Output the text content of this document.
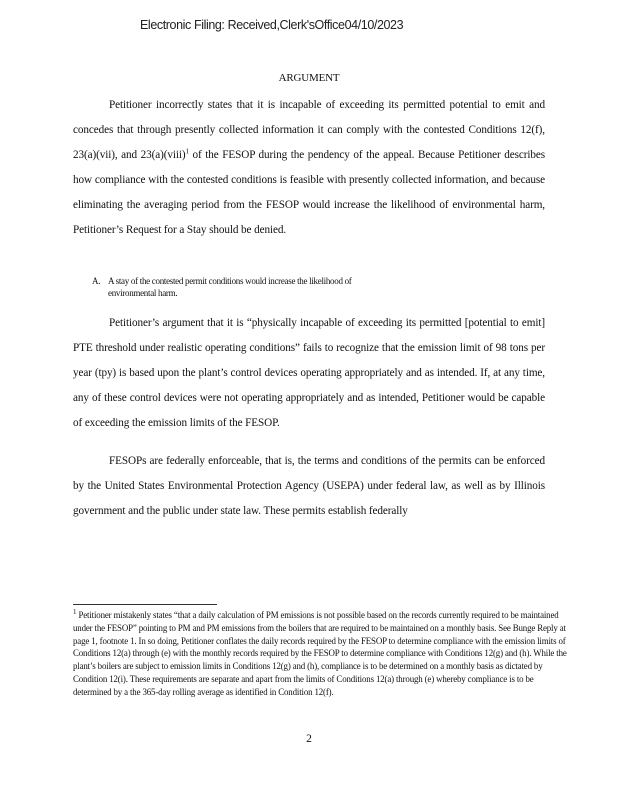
Electronic Filing: Received,Clerk'sOffice04/10/2023
ARGUMENT

Petitioner incorrectly states that it is incapable of exceeding its permitted potential to emit and concedes that through presently collected information it can comply with the contested Conditions 12(f), 23(a)(vii), and 23(a)(viii)$^1$ of the FESOP during the pendency of the appeal. Because Petitioner describes how compliance with the contested conditions is feasible with presently collected information, and because eliminating the averaging period from the FESOP would increase the likelihood of environmental harm, Petitioner’s Request for a Stay should be denied.

A. A stay of the contested permit conditions would increase the likelihood of
environmental harm.

Petitioner’s argument that it is “physically incapable of exceeding its permitted [potential to emit] PTE threshold under realistic operating conditions” fails to recognize that the emission limit of 98 tons per year (tpy) is based upon the plant’s control devices operating appropriately and as intended. If, at any time, any of these control devices were not operating appropriately and as intended, Petitioner would be capable of exceeding the emission limits of the FESOP.

FESOPs are federally enforceable, that is, the terms and conditions of the permits can be enforced by the United States Environmental Protection Agency (USEPA) under federal law, as well as by Illinois government and the public under state law. These permits establish federally

$^1$ Petitioner mistakenly states “that a daily calculation of PM emissions is not possible based on the records currently required to be maintained under the FESOP” pointing to PM and PM emissions from the boilers that are required to be maintained on a monthly basis. See Bunge Reply at page 1, footnote 1. In so doing, Petitioner conflates the daily records required by the FESOP to determine compliance with the emission limits of Conditions 12(a) through (e) with the monthly records required by the FESOP to determine compliance with Conditions 12(g) and (h). While the plant’s boilers are subject to emission limits in Conditions 12(g) and (h), compliance is to be determined on a monthly basis as dictated by Condition 12(i). These requirements are separate and apart from the limits of Conditions 12(a) through (e) whereby compliance is to be determined by a the 365-day rolling average as identified in Condition 12(f).

2
